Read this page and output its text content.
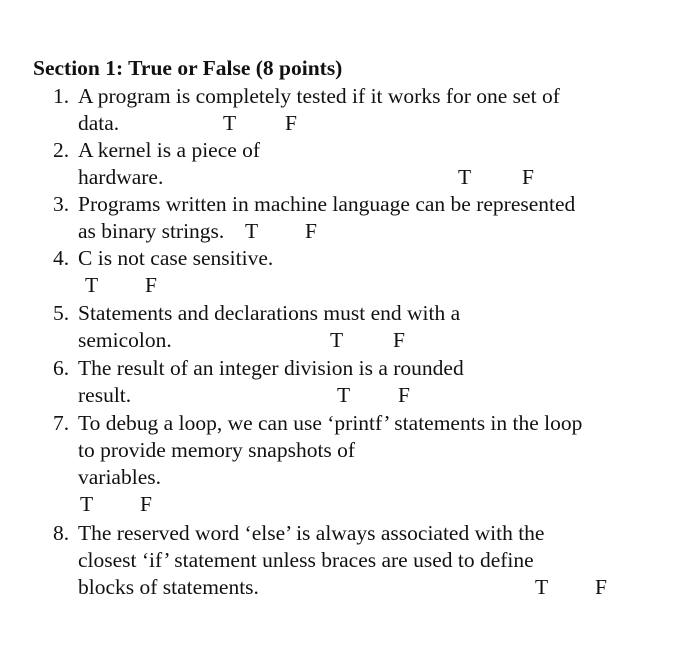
Section 1: True or False (8 points)
1. A program is completely tested if it works for one set of
data.	T F
2. A kernel is a piece of
hardware.	T F
3. Programs written in machine language can be represented
as binary strings. T F
4. C is not case sensitive.
T F
5. Statements and declarations must end with a
semicolon.	T F
6. The result of an integer division is a rounded
result.	T F
7. To debug a loop, we can use ‘printf’ statements in the loop
to provide memory snapshots of
variables.
T F
8. The reserved word ‘else’ is always associated with the
closest ‘if’ statement unless braces are used to define
blocks of statements.	T F
